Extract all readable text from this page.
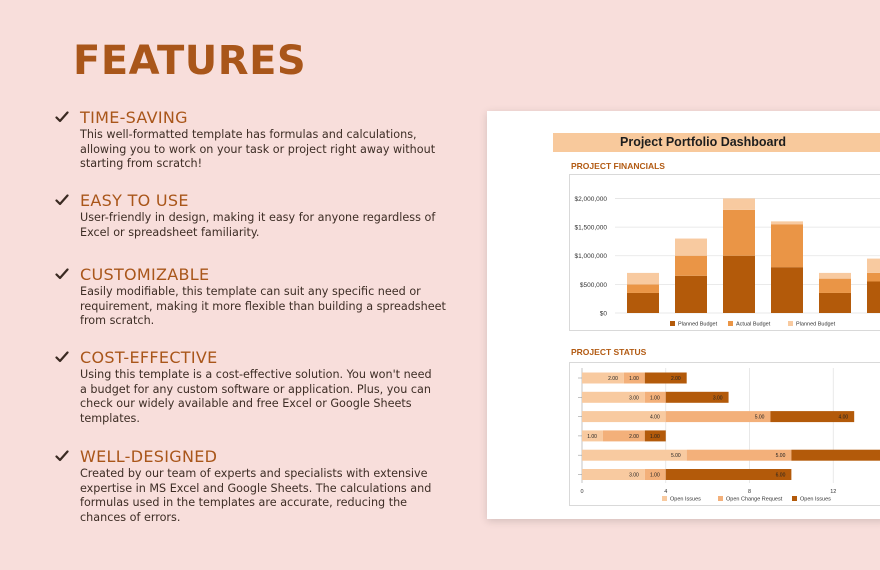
FEATURES
TIME-SAVING
This well-formatted template has formulas and calculations,
allowing you to work on your task or project right away without
starting from scratch!
EASY TO USE
User-friendly in design, making it easy for anyone regardless of
Excel or spreadsheet familiarity.
CUSTOMIZABLE
Easily modifiable, this template can suit any specific need or
requirement, making it more flexible than building a spreadsheet
from scratch.
COST-EFFECTIVE
Using this template is a cost-effective solution. You won't need
a budget for any custom software or application. Plus, you can
check our widely available and free Excel or Google Sheets
templates.
WELL-DESIGNED
Created by our team of experts and specialists with extensive
expertise in MS Excel and Google Sheets. The calculations and
formulas used in the templates are accurate, reducing the
chances of errors.
Project Portfolio Dashboard
PROJECT FINANCIALS
$2,000,000
$1,500,000
$1,000,000
$500,000
$0
Planned Budget	Actual Budget	Planned Budget
PROJECT STATUS
0	4	8	12
2.00 1.00	2.00
3.00 1.00	3.00
4.00	5.00	4.00
1.00	2.00 1.00
5.00	5.00
3.00 1.00	6.00
Open Issues	Open Change Request	Open Issues
